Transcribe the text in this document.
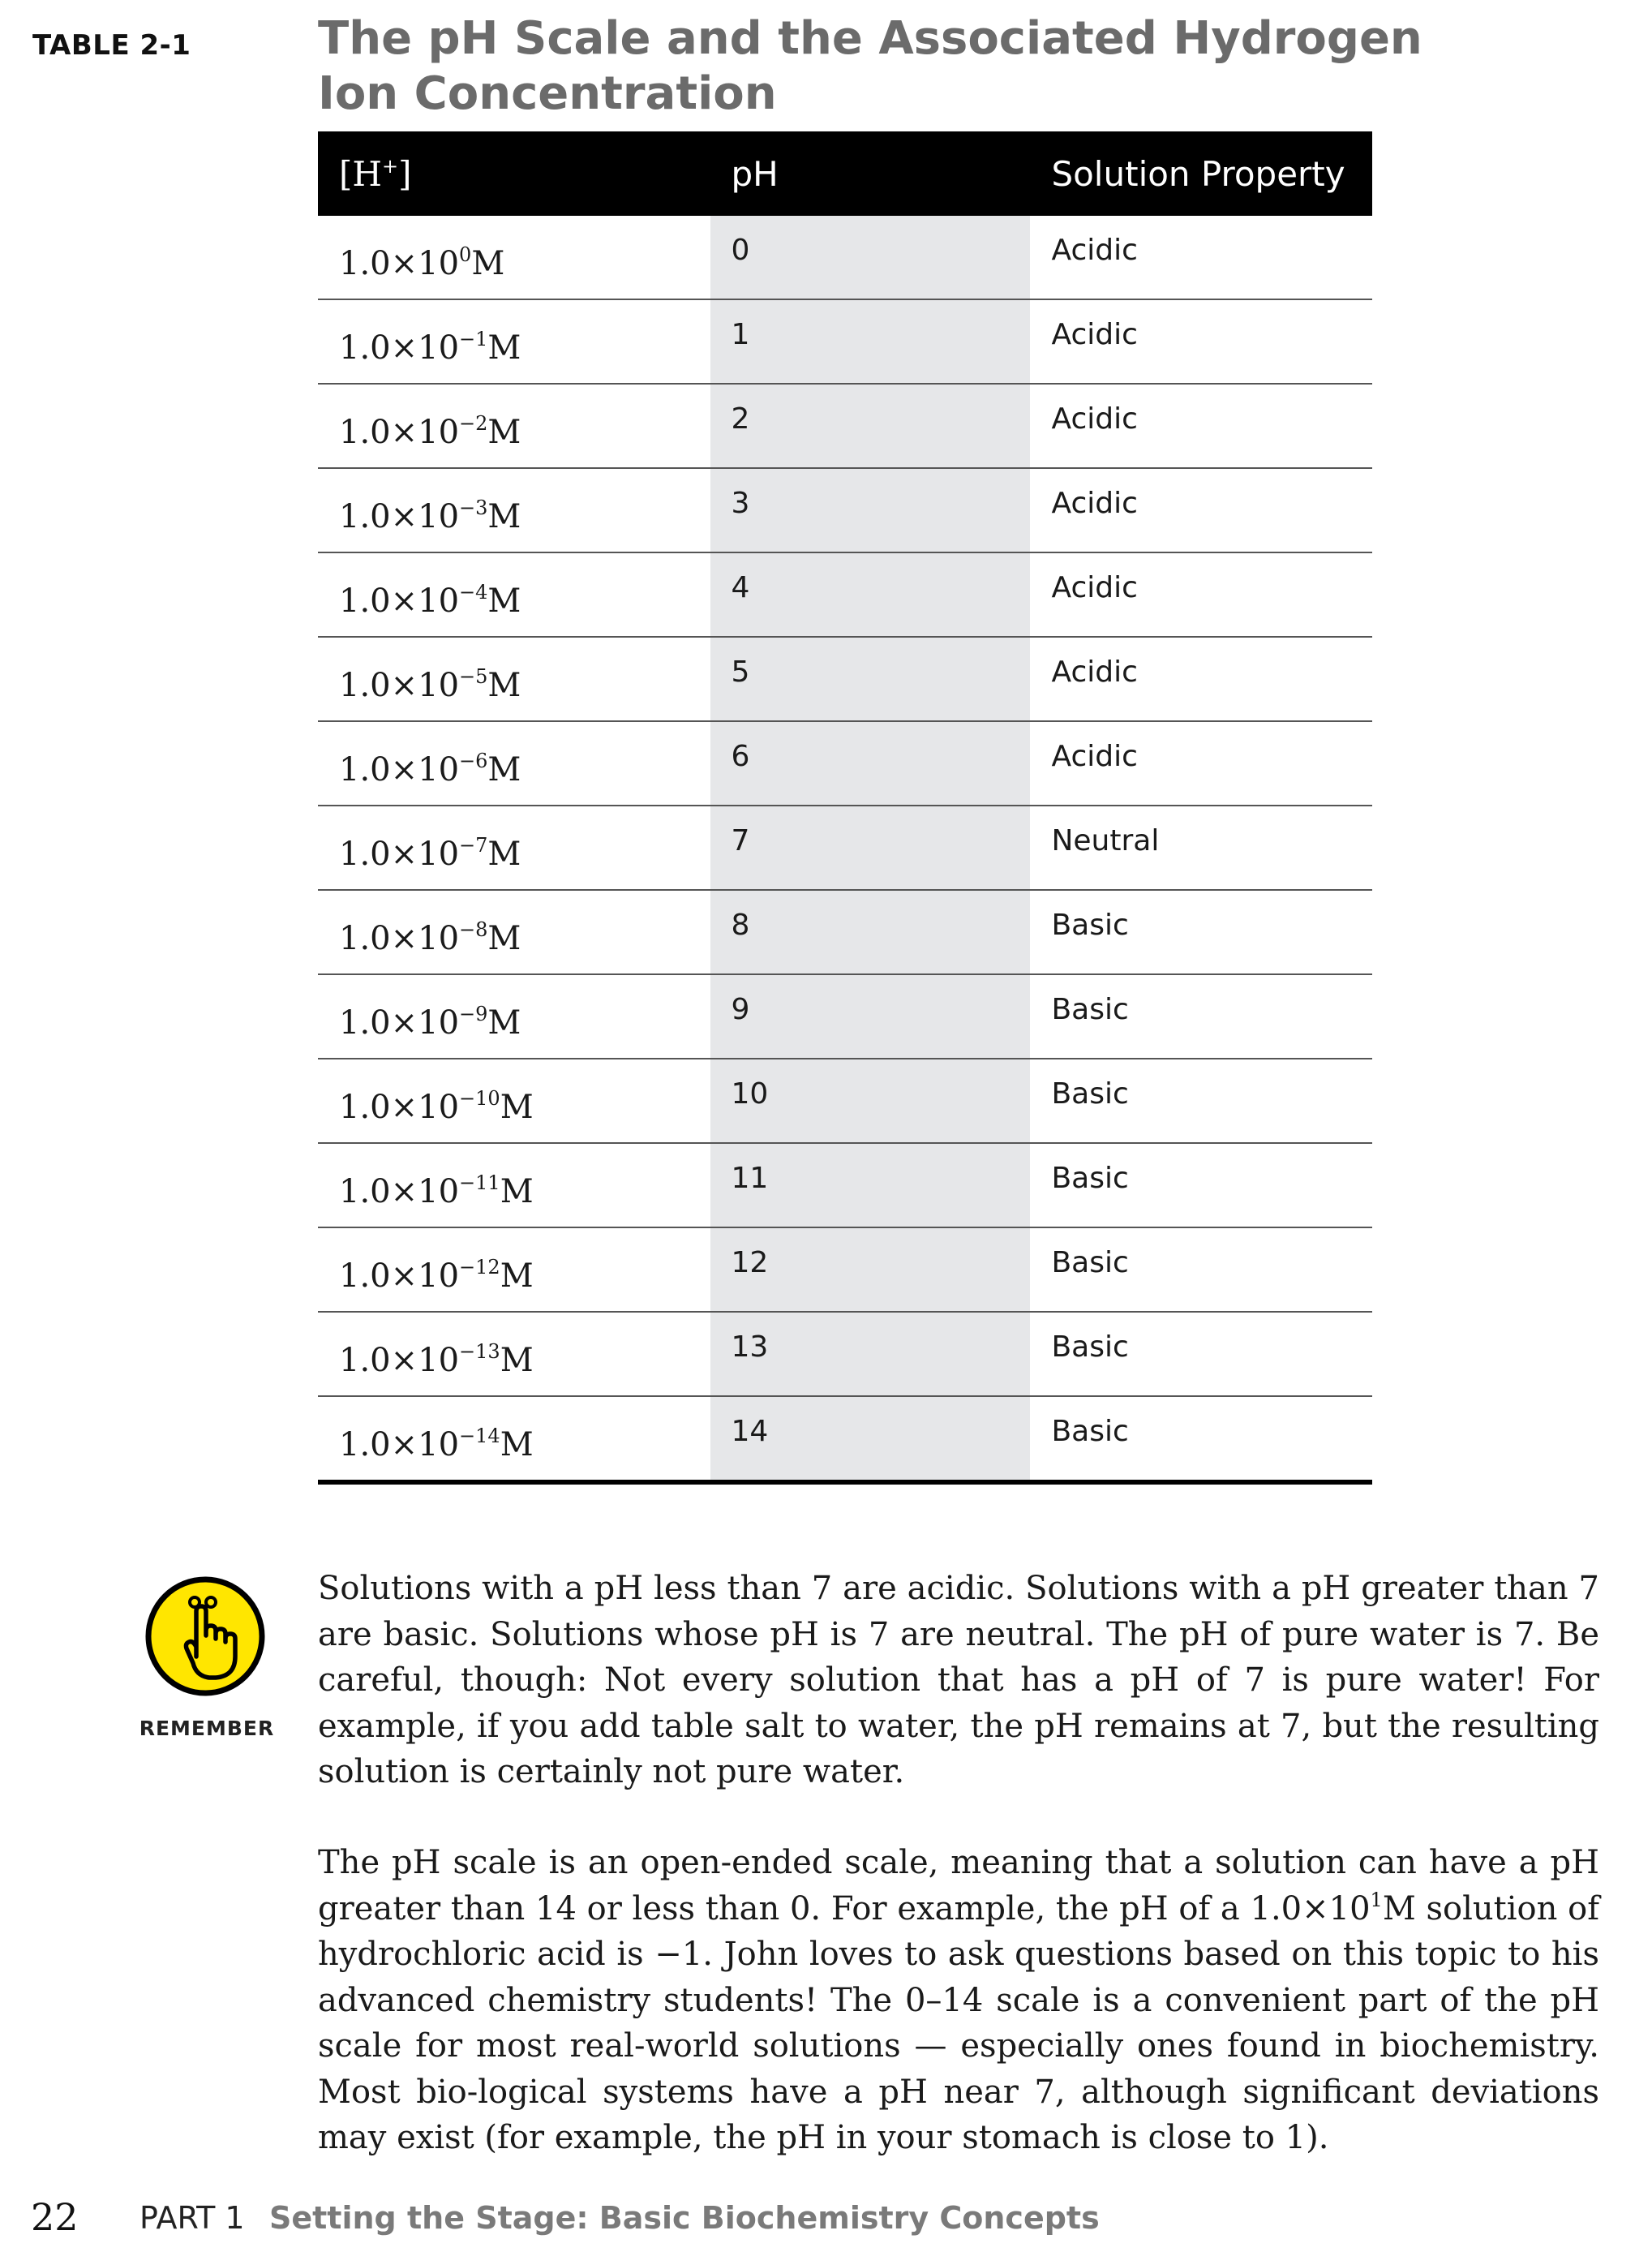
TABLE 2-1	The pH Scale and the Associated Hydrogen Ion Concentration
[H+]	pH	Solution Property
$1.0\times 10^0M$	0	Acidic
$1.0\times 10^{-1}M$	1	Acidic
$1.0\times 10^{-2}M$	2	Acidic
$1.0\times 10^{-3}M$	3	Acidic
$1.0\times 10^{-4}M$	4	Acidic
$1.0\times 10^{-5}M$	5	Acidic
$1.0\times 10^{-6}M$	6	Acidic
$1.0\times 10^{-7}M$	7	Neutral
$1.0\times 10^{-8}M$	8	Basic
$1.0\times 10^{-9}M$	9	Basic
$1.0\times 10^{-10}M$	10	Basic
$1.0\times 10^{-11}M$	11	Basic
$1.0\times 10^{-12}M$	12	Basic
$1.0\times 10^{-13}M$	13	Basic
$1.0\times 10^{-14}M$	14	Basic
REMEMBER

Solutions with a pH less than 7 are acidic. Solutions with a pH greater than 7 are basic. Solutions whose pH is 7 are neutral. The pH of pure water is 7. Be careful, though: Not every solution that has a pH of 7 is pure water! For example, if you add table salt to water, the pH remains at 7, but the resulting solution is certainly not pure water.

The pH scale is an open-ended scale, meaning that a solution can have a pH greater than 14 or less than 0. For example, the pH of a $1.0\times 10^1M$ solution of hydrochloric acid is −1. John loves to ask questions based on this topic to his advanced chemistry students! The 0–14 scale is a convenient part of the pH scale for most real-world solutions — especially ones found in biochemistry. Most bio-logical systems have a pH near 7, although significant deviations may exist (for example, the pH in your stomach is close to 1).

22 PART 1 Setting the Stage: Basic Biochemistry Concepts
